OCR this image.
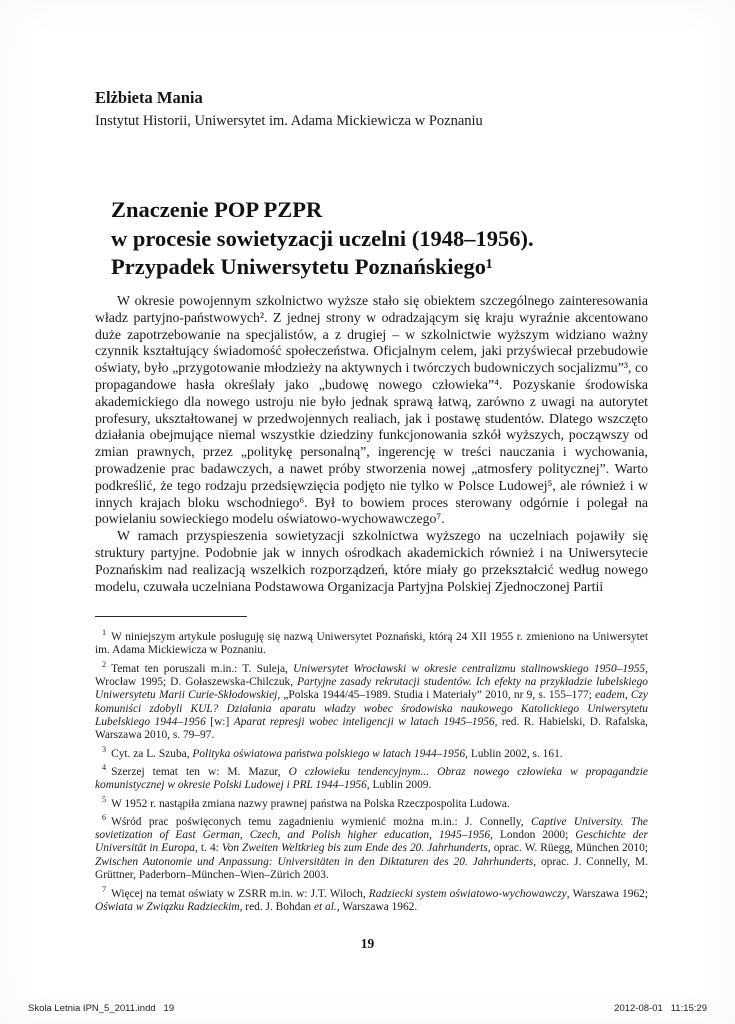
Elżbieta Mania
Instytut Historii, Uniwersytet im. Adama Mickiewicza w Poznaniu
Znaczenie POP PZPR
w procesie sowietyzacji uczelni (1948–1956).
Przypadek Uniwersytetu Poznańskiego¹

W okresie powojennym szkolnictwo wyższe stało się obiektem szczególnego zainteresowania władz partyjno-państwowych². Z jednej strony w odradzającym się kraju wyraźnie akcentowano duże zapotrzebowanie na specjalistów, a z drugiej – w szkolnictwie wyższym widziano ważny czynnik kształtujący świadomość społeczeństwa. Oficjalnym celem, jaki przyświecał przebudowie oświaty, było „przygotowanie młodzieży na aktywnych i twórczych budowniczych socjalizmu”³, co propagandowe hasła określały jako „budowę nowego człowieka”⁴. Pozyskanie środowiska akademickiego dla nowego ustroju nie było jednak sprawą łatwą, zarówno z uwagi na autorytet profesury, ukształtowanej w przedwojennych realiach, jak i postawę studentów. Dlatego wszczęto działania obejmujące niemal wszystkie dziedziny funkcjonowania szkół wyższych, począwszy od zmian prawnych, przez „politykę personalną”, ingerencję w treści nauczania i wychowania, prowadzenie prac badawczych, a nawet próby stworzenia nowej „atmosfery politycznej”. Warto podkreślić, że tego rodzaju przedsięwzięcia podjęto nie tylko w Polsce Ludowej⁵, ale również i w innych krajach bloku wschodniego⁶. Był to bowiem proces sterowany odgórnie i polegał na powielaniu sowieckiego modelu oświatowo-wychowawczego⁷.

W ramach przyspieszenia sowietyzacji szkolnictwa wyższego na uczelniach pojawiły się struktury partyjne. Podobnie jak w innych ośrodkach akademickich również i na Uniwersytecie Poznańskim nad realizacją wszelkich rozporządzeń, które miały go przekształcić według nowego modelu, czuwała uczelniana Podstawowa Organizacja Partyjna Polskiej Zjednoczonej Partii

$^1$ W niniejszym artykule posługuję się nazwą Uniwersytet Poznański, którą 24 XII 1955 r. zmieniono na Uniwersytet im. Adama Mickiewicza w Poznaniu.

$^2$ Temat ten poruszali m.in.: T. Suleja, Uniwersytet Wrocławski w okresie centralizmu stalinowskiego 1950–1955, Wrocław 1995; D. Gołaszewska-Chilczuk, Partyjne zasady rekrutacji studentów. Ich efekty na przykładzie lubelskiego Uniwersytetu Marii Curie-Skłodowskiej, „Polska 1944/45–1989. Studia i Materiały” 2010, nr 9, s. 155–177; eadem, Czy komuniści zdobyli KUL? Działania aparatu władzy wobec środowiska naukowego Katolickiego Uniwersytetu Lubelskiego 1944–1956 [w:] Aparat represji wobec inteligencji w latach 1945–1956, red. R. Habielski, D. Rafalska, Warszawa 2010, s. 79–97.

$^3$ Cyt. za L. Szuba, Polityka oświatowa państwa polskiego w latach 1944–1956, Lublin 2002, s. 161.

$^4$ Szerzej temat ten w: M. Mazur, O człowieku tendencyjnym... Obraz nowego człowieka w propagandzie komunistycznej w okresie Polski Ludowej i PRL 1944–1956, Lublin 2009.

$^5$ W 1952 r. nastąpiła zmiana nazwy prawnej państwa na Polska Rzeczpospolita Ludowa.

$^6$ Wśród prac poświęconych temu zagadnieniu wymienić można m.in.: J. Connelly, Captive University. The sovietization of East German, Czech, and Polish higher education, 1945–1956, London 2000; Geschichte der Universität in Europa, t. 4: Von Zweiten Weltkrieg bis zum Ende des 20. Jahrhunderts, oprac. W. Rüegg, München 2010; Zwischen Autonomie und Anpassung: Universitäten in den Diktaturen des 20. Jahrhunderts, oprac. J. Connelly, M. Grüttner, Paderborn–München–Wien–Zürich 2003.

$^7$ Więcej na temat oświaty w ZSRR m.in. w: J.T. Wiloch, Radziecki system oświatowo-wychowawczy, Warszawa 1962; Oświata w Związku Radzieckim, red. J. Bohdan et al., Warszawa 1962.

19
Skola Letnia IPN_5_2011.indd   19	2012-08-01   11:15:29
